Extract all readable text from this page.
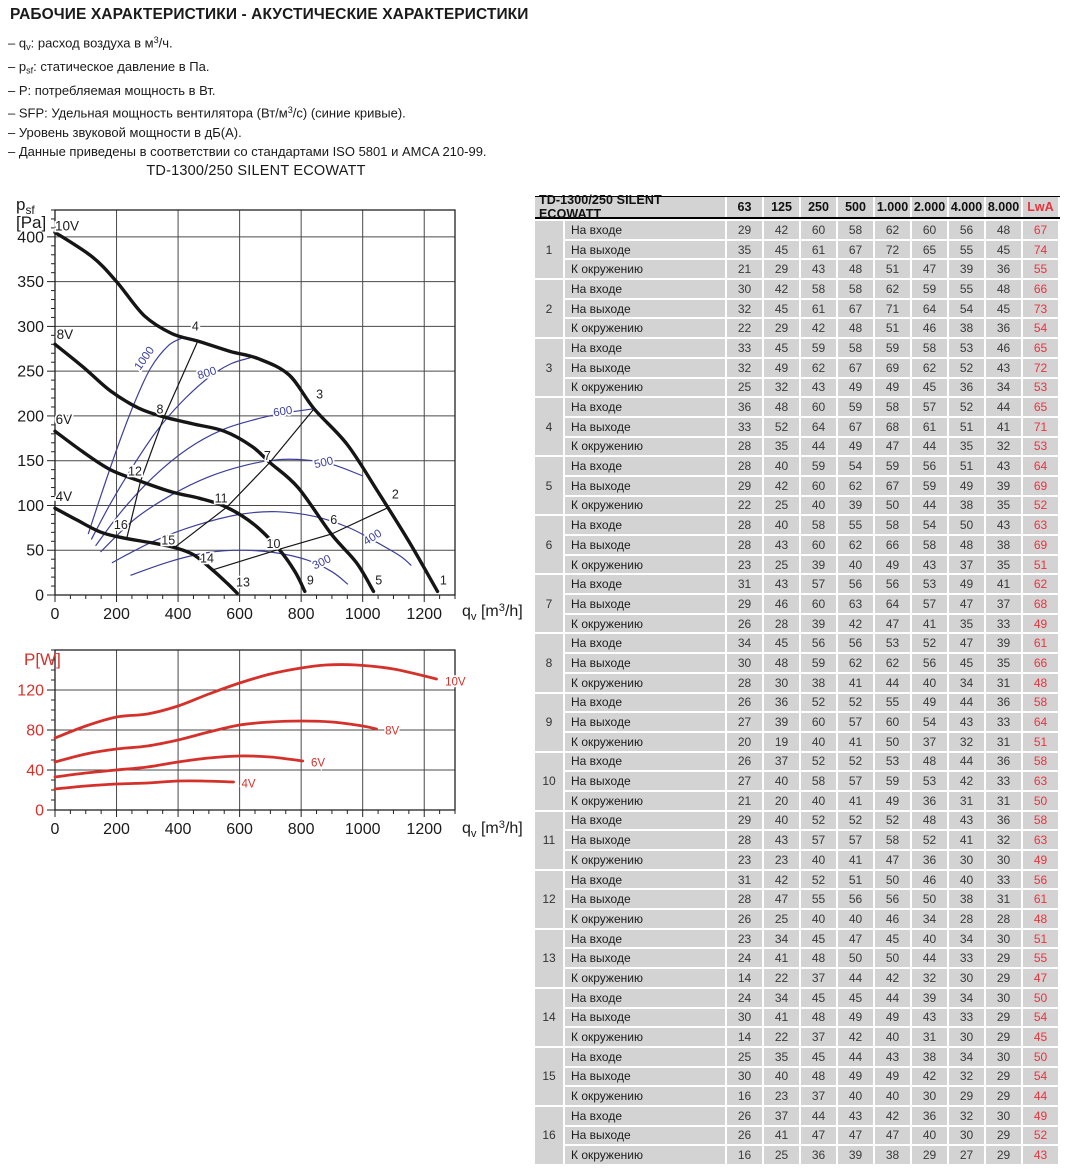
РАБОЧИЕ ХАРАКТЕРИСТИКИ - АКУСТИЧЕСКИЕ ХАРАКТЕРИСТИКИ
– $q_v$: расход воздуха в $м^3/ч$.
– $p_{sf}$: статическое давление в Па.
– P: потребляемая мощность в Вт.
– SFP: Удельная мощность вентилятора $(Вт/м^3/с)$ (синие кривые).
– Уровень звуковой мощности в дБ(А).
– Данные приведены в соответствии со стандартами ISO 5801 и AMCA 210-99.
TD-1300/250 SILENT ECOWATT
0	200 400 600 800 1000 1200
0
50
100
150
200
250
300
350
400
1000
800
600
500
400
300
1
2
3
4
5
6
7
8
9
10
11
12
13
14
15
16
10V
8V
6V
4V
$p_{sf}$
[Pa]
$q_v$ $[m^3/h]$
0	200 400 600 800 1000 1200
0
40
80
120	10V
8V
6V
4V
P[W]
$q_v$ $[m^3/h]$
TD-1300/250 SILENT ECOWATT	63	125	250	500 1.000 2.000 4.000 8.000 LwA
1
На входе	29	42	60	58	62	60	56	48	67
На выходе	35	45	61	67	72	65	55	45	74
К окружению	21	29	43	48	51	47	39	36	55
2
На входе	30	42	58	58	62	59	55	48	66
На выходе	32	45	61	67	71	64	54	45	73
К окружению	22	29	42	48	51	46	38	36	54
3
На входе	33	45	59	58	59	58	53	46	65
На выходе	32	49	62	67	69	62	52	43	72
К окружению	25	32	43	49	49	45	36	34	53
4
На входе	36	48	60	59	58	57	52	44	65
На выходе	33	52	64	67	68	61	51	41	71
К окружению	28	35	44	49	47	44	35	32	53
5
На входе	28	40	59	54	59	56	51	43	64
На выходе	29	42	60	62	67	59	49	39	69
К окружению	22	25	40	39	50	44	38	35	52
6
На входе	28	40	58	55	58	54	50	43	63
На выходе	28	43	60	62	66	58	48	38	69
К окружению	23	25	39	40	49	43	37	35	51
7
На входе	31	43	57	56	56	53	49	41	62
На выходе	29	46	60	63	64	57	47	37	68
К окружению	26	28	39	42	47	41	35	33	49
8
На входе	34	45	56	56	53	52	47	39	61
На выходе	30	48	59	62	62	56	45	35	66
К окружению	28	30	38	41	44	40	34	31	48
9
На входе	26	36	52	52	55	49	44	36	58
На выходе	27	39	60	57	60	54	43	33	64
К окружению	20	19	40	41	50	37	32	31	51
10
На входе	26	37	52	52	53	48	44	36	58
На выходе	27	40	58	57	59	53	42	33	63
К окружению	21	20	40	41	49	36	31	31	50
11
На входе	29	40	52	52	52	48	43	36	58
На выходе	28	43	57	57	58	52	41	32	63
К окружению	23	23	40	41	47	36	30	30	49
12
На входе	31	42	52	51	50	46	40	33	56
На выходе	28	47	55	56	56	50	38	31	61
К окружению	26	25	40	40	46	34	28	28	48
13
На входе	23	34	45	47	45	40	34	30	51
На выходе	24	41	48	50	50	44	33	29	55
К окружению	14	22	37	44	42	32	30	29	47
14
На входе	24	34	45	45	44	39	34	30	50
На выходе	30	41	48	49	49	43	33	29	54
К окружению	14	22	37	42	40	31	30	29	45
15
На входе	25	35	45	44	43	38	34	30	50
На выходе	30	40	48	49	49	42	32	29	54
К окружению	16	23	37	40	40	30	29	29	44
16
На входе	26	37	44	43	42	36	32	30	49
На выходе	26	41	47	47	47	40	30	29	52
К окружению	16	25	36	39	38	29	27	29	43
